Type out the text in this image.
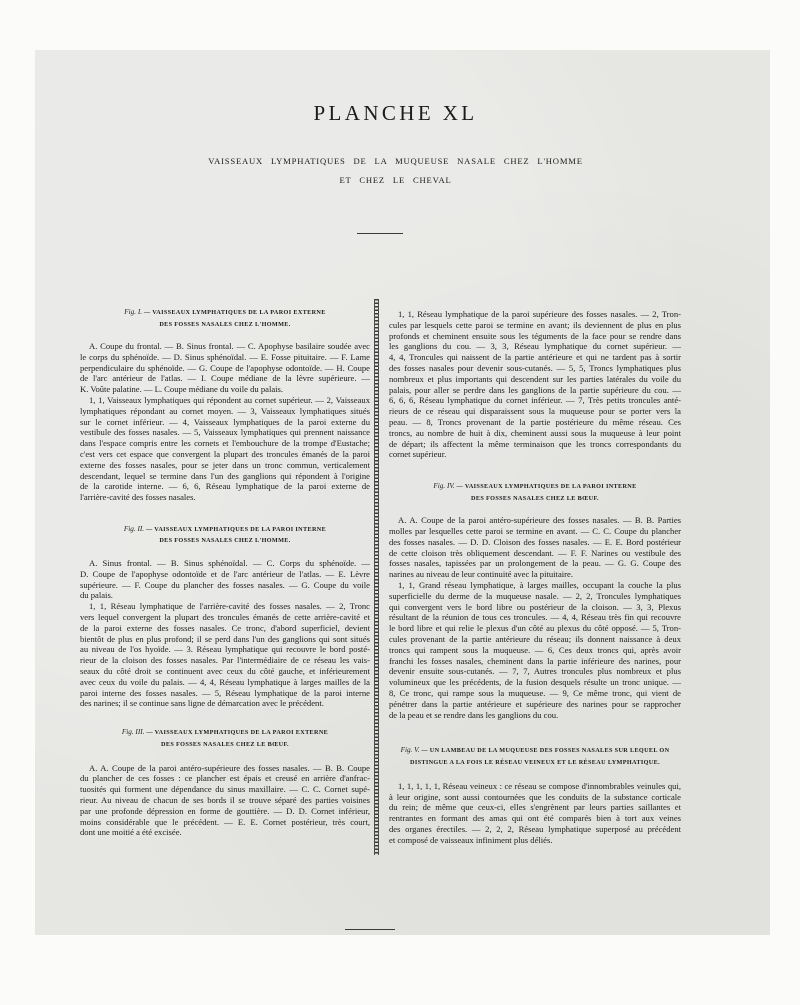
PLANCHE XL
VAISSEAUX LYMPHATIQUES DE LA MUQUEUSE NASALE CHEZ L'HOMME
ET CHEZ LE CHEVAL
Fig. I. — VAISSEAUX LYMPHATIQUES DE LA PAROI EXTERNE
DES FOSSES NASALES CHEZ L'HOMME.
A. Coupe du frontal. — B. Sinus frontal. — C. Apophyse basilaire soudée avec
le corps du sphénoïde. — D. Sinus sphénoïdal. — E. Fosse pituitaire. — F. Lame
perpendiculaire du sphénoïde. — G. Coupe de l'apophyse odontoïde. — H. Coupe
de l'arc antérieur de l'atlas. — I. Coupe médiane de la lèvre supérieure. —
K. Voûte palatine. — L. Coupe médiane du voile du palais.
1, 1, Vaisseaux lymphatiques qui répondent au cornet supérieur. — 2, Vaisseaux
lymphatiques répondant au cornet moyen. — 3, Vaisseaux lymphatiques situés
sur le cornet inférieur. — 4, Vaisseaux lymphatiques de la paroi externe du
vestibule des fosses nasales. — 5, Vaisseaux lymphatiques qui prennent naissance
dans l'espace compris entre les cornets et l'embouchure de la trompe d'Eustache;
c'est vers cet espace que convergent la plupart des troncules émanés de la paroi
externe des fosses nasales, pour se jeter dans un tronc commun, verticalement
descendant, lequel se termine dans l'un des ganglions qui répondent à l'origine
de la carotide interne. — 6, 6, Réseau lymphatique de la paroi externe de
l'arrière-cavité des fosses nasales.
Fig. II. — VAISSEAUX LYMPHATIQUES DE LA PAROI INTERNE
DES FOSSES NASALES CHEZ L'HOMME.
A. Sinus frontal. — B. Sinus sphénoïdal. — C. Corps du sphénoïde. —
D. Coupe de l'apophyse odontoïde et de l'arc antérieur de l'atlas. — E. Lèvre
supérieure. — F. Coupe du plancher des fosses nasales. — G. Coupe du voile
du palais.
1, 1, Réseau lymphatique de l'arrière-cavité des fosses nasales. — 2, Tronc
vers lequel convergent la plupart des troncules émanés de cette arrière-cavité et
de la paroi externe des fosses nasales. Ce tronc, d'abord superficiel, devient
bientôt de plus en plus profond; il se perd dans l'un des ganglions qui sont situés
au niveau de l'os hyoïde. — 3. Réseau lymphatique qui recouvre le bord posté-
rieur de la cloison des fosses nasales. Par l'intermédiaire de ce réseau les vais-
seaux du côté droit se continuent avec ceux du côté gauche, et inférieurement
avec ceux du voile du palais. — 4, 4, Réseau lymphatique à larges mailles de la
paroi interne des fosses nasales. — 5, Réseau lymphatique de la paroi interne
des narines; il se continue sans ligne de démarcation avec le précédent.
Fig. III. — VAISSEAUX LYMPHATIQUES DE LA PAROI EXTERNE
DES FOSSES NASALES CHEZ LE BŒUF.
A. A. Coupe de la paroi antéro-supérieure des fosses nasales. — B. B. Coupe
du plancher de ces fosses : ce plancher est épais et creusé en arrière d'anfrac-
tuosités qui forment une dépendance du sinus maxillaire. — C. C. Cornet supé-
rieur. Au niveau de chacun de ses bords il se trouve séparé des parties voisines
par une profonde dépression en forme de gouttière. — D. D. Cornet inférieur,
moins considérable que le précédent. — E. E. Cornet postérieur, très court,
dont une moitié a été excisée.
1, 1, Réseau lymphatique de la paroi supérieure des fosses nasales. — 2, Tron-
cules par lesquels cette paroi se termine en avant; ils deviennent de plus en plus
profonds et cheminent ensuite sous les téguments de la face pour se rendre dans
les ganglions du cou. — 3, 3, Réseau lymphatique du cornet supérieur. —
4, 4, Troncules qui naissent de la partie antérieure et qui ne tardent pas à sortir
des fosses nasales pour devenir sous-cutanés. — 5, 5, Troncs lymphatiques plus
nombreux et plus importants qui descendent sur les parties latérales du voile du
palais, pour aller se perdre dans les ganglions de la partie supérieure du cou. —
6, 6, 6, Réseau lymphatique du cornet inférieur. — 7, Très petits troncules anté-
rieurs de ce réseau qui disparaissent sous la muqueuse pour se porter vers la
peau. — 8, Troncs provenant de la partie postérieure du même réseau. Ces
troncs, au nombre de huit à dix, cheminent aussi sous la muqueuse à leur point
de départ; ils affectent la même terminaison que les troncs correspondants du
cornet supérieur.
Fig. IV. — VAISSEAUX LYMPHATIQUES DE LA PAROI INTERNE
DES FOSSES NASALES CHEZ LE BŒUF.
A. A. Coupe de la paroi antéro-supérieure des fosses nasales. — B. B. Parties
molles par lesquelles cette paroi se termine en avant. — C. C. Coupe du plancher
des fosses nasales. — D. D. Cloison des fosses nasales. — E. E. Bord postérieur
de cette cloison très obliquement descendant. — F. F. Narines ou vestibule des
fosses nasales, tapissées par un prolongement de la peau. — G. G. Coupe des
narines au niveau de leur continuité avec la pituitaire.
1, 1, Grand réseau lymphatique, à larges mailles, occupant la couche la plus
superficielle du derme de la muqueuse nasale. — 2, 2, Troncules lymphatiques
qui convergent vers le bord libre ou postérieur de la cloison. — 3, 3, Plexus
résultant de la réunion de tous ces troncules. — 4, 4, Réseau très fin qui recouvre
le bord libre et qui relie le plexus d'un côté au plexus du côté opposé. — 5, Tron-
cules provenant de la partie antérieure du réseau; ils donnent naissance à deux
troncs qui rampent sous la muqueuse. — 6, Ces deux troncs qui, après avoir
franchi les fosses nasales, cheminent dans la partie inférieure des narines, pour
devenir ensuite sous-cutanés. — 7, 7, Autres troncules plus nombreux et plus
volumineux que les précédents, de la fusion desquels résulte un tronc unique. —
8, Ce tronc, qui rampe sous la muqueuse. — 9, Ce même tronc, qui vient de
pénétrer dans la partie antérieure et supérieure des narines pour se rapprocher
de la peau et se rendre dans les ganglions du cou.
Fig. V. — UN LAMBEAU DE LA MUQUEUSE DES FOSSES NASALES SUR LEQUEL ON
DISTINGUE A LA FOIS LE RÉSEAU VEINEUX ET LE RÉSEAU LYMPHATIQUE.
1, 1, 1, 1, 1, Réseau veineux : ce réseau se compose d'innombrables veinules qui,
à leur origine, sont aussi contournées que les conduits de la substance corticale
du rein; de même que ceux-ci, elles s'engrènent par leurs parties saillantes et
rentrantes en formant des amas qui ont été comparés bien à tort aux veines
des organes érectiles. — 2, 2, 2, Réseau lymphatique superposé au précédent
et composé de vaisseaux infiniment plus déliés.
